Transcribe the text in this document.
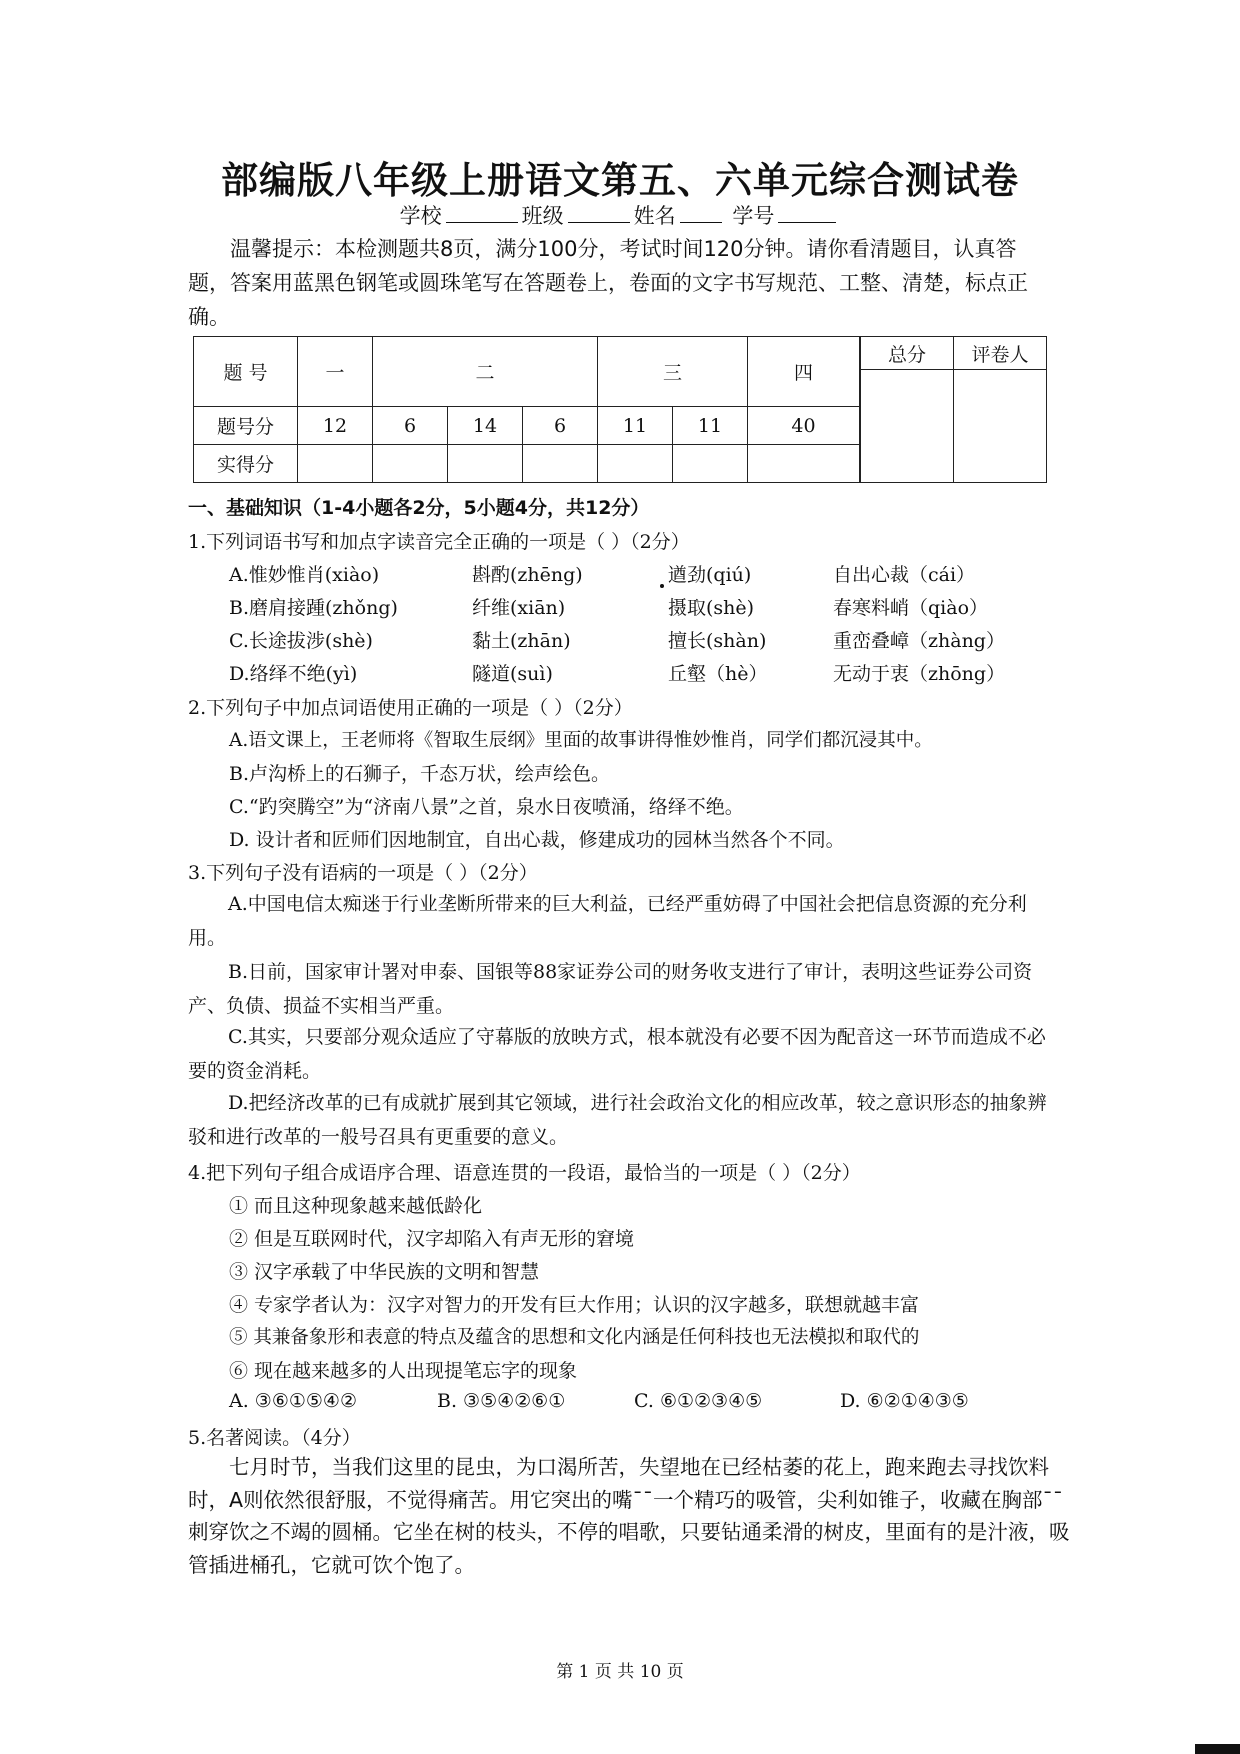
部编版八年级上册语文第五、六单元综合测试卷
学校	班级	姓名	学号
温馨提示：本检测题共8页，满分100分，考试时间120分钟。请你看清题目，认真答题，答案用蓝黑色钢笔或圆珠笔写在答题卷上，卷面的文字书写规范、工整、清楚，标点正确。
题 号	一	二			三		四
题号分	12	6	14	6	11	11	40
实得分							
总分	评卷人

一、基础知识（1-4小题各2分，5小题4分，共12分）
1.下列词语书写和加点字读音完全正确的一项是（ ）（2分）
A.惟妙惟肖(xiào)	斟酌(zhēng)	遒劲(qiú)	自出心裁（cái）
B.磨肩接踵(zhǒng)	纤维(xiān)	摄取(shè)	春寒料峭（qiào）
C.长途拔涉(shè)	黏土(zhān)	擅长(shàn)	重峦叠嶂（zhàng）
D.络绎不绝(yì)	隧道(suì)	丘壑（hè）	无动于衷（zhōng）
2.下列句子中加点词语使用正确的一项是（ ）（2分）
A.语文课上，王老师将《智取生辰纲》里面的故事讲得惟妙惟肖，同学们都沉浸其中。
B.卢沟桥上的石狮子，千态万状，绘声绘色。
C.“趵突腾空”为“济南八景”之首，泉水日夜喷涌，络绎不绝。
D. 设计者和匠师们因地制宜，自出心裁，修建成功的园林当然各个不同。
3.下列句子没有语病的一项是（ ）（2分）
A.中国电信太痴迷于行业垄断所带来的巨大利益，已经严重妨碍了中国社会把信息资源的充分利用。
B.日前，国家审计署对申泰、国银等88家证券公司的财务收支进行了审计，表明这些证券公司资产、负债、损益不实相当严重。
C.其实，只要部分观众适应了守幕版的放映方式，根本就没有必要不因为配音这一环节而造成不必要的资金消耗。
D.把经济改革的已有成就扩展到其它领域，进行社会政治文化的相应改革，较之意识形态的抽象辨驳和进行改革的一般号召具有更重要的意义。
4.把下列句子组合成语序合理、语意连贯的一段语，最恰当的一项是（ ）（2分）
① 而且这种现象越来越低龄化
② 但是互联网时代，汉字却陷入有声无形的窘境
③ 汉字承载了中华民族的文明和智慧
④ 专家学者认为：汉字对智力的开发有巨大作用；认识的汉字越多，联想就越丰富
⑤ 其兼备象形和表意的特点及蕴含的思想和文化内涵是任何科技也无法模拟和取代的
⑥ 现在越来越多的人出现提笔忘字的现象
A. ③⑥①⑤④②	B. ③⑤④②⑥①	C. ⑥①②③④⑤	D. ⑥②①④③⑤
5.名著阅读。（4分）
七月时节，当我们这里的昆虫，为口渴所苦，失望地在已经枯萎的花上，跑来跑去寻找饮料时，A则依然很舒服，不觉得痛苦。用它突出的嘴¯¯一个精巧的吸管，尖利如锥子，收藏在胸部¯¯刺穿饮之不竭的圆桶。它坐在树的枝头，不停的唱歌，只要钻通柔滑的树皮，里面有的是汁液，吸管插进桶孔，它就可饮个饱了。
第 1 页 共 10 页
